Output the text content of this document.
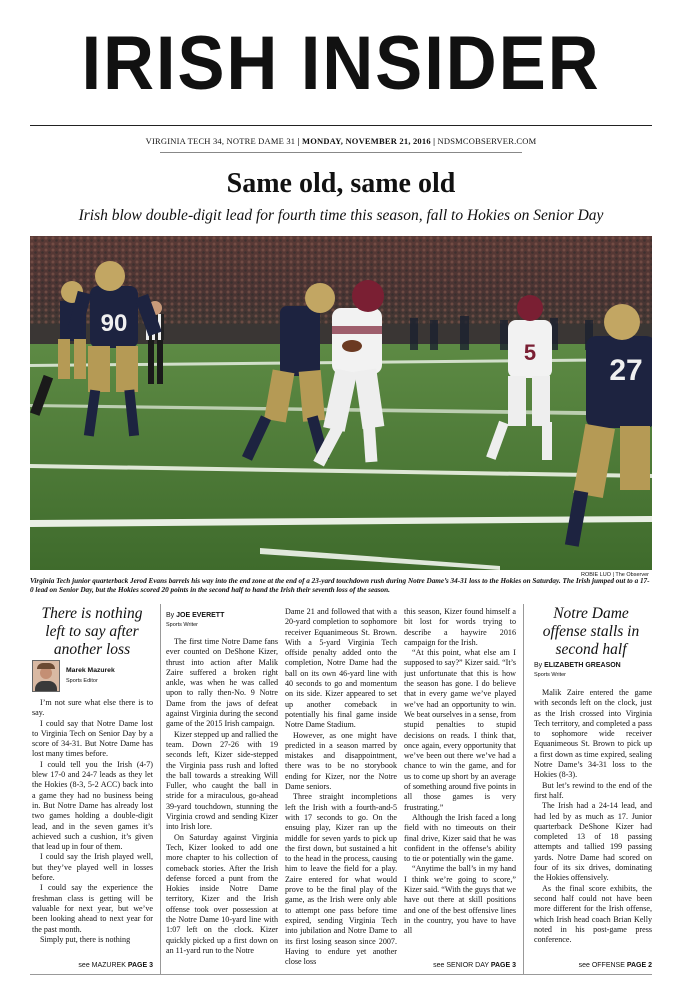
IRISH INSIDER
VIRGINIA TECH 34, NOTRE DAME 31 | MONDAY, NOVEMBER 21, 2016 | NDSMCOBSERVER.COM
Same old, same old
Irish blow double-digit lead for fourth time this season, fall to Hokies on Senior Day
90
5
27
ROBIE LUO | The Observer
Virginia Tech junior quarterback Jerod Evans barrels his way into the end zone at the end of a 23-yard touchdown rush during Notre Dame’s 34-31 loss to the Hokies on Saturday. The Irish jumped out to a 17-0 lead on Senior Day, but the Hokies scored 20 points in the second half to hand the Irish their seventh loss of the season.
There is nothing left to say after another loss
Marek Mazurek
Sports Editor

I’m not sure what else there is to say.

I could say that Notre Dame lost to Virginia Tech on Senior Day by a score of 34-31. But Notre Dame has lost many times before.

I could tell you the Irish (4-7) blew 17-0 and 24-7 leads as they let the Hokies (8-3, 5-2 ACC) back into a game they had no business being in. But Notre Dame has already lost two games holding a double-digit lead, and in the seven games it’s achieved such a cushion, it’s given that lead up in four of them.

I could say the Irish played well, but they’ve played well in losses before.

I could say the experience the freshman class is getting will be valuable for next year, but we’ve been looking ahead to next year for the past month.

Simply put, there is nothing

see MAZUREK PAGE 3
By JOE EVERETT
Sports Writer

The first time Notre Dame fans ever counted on DeShone Kizer, thrust into action after Malik Zaire suffered a broken right ankle, was when he was called upon to rally then-No. 9 Notre Dame from the jaws of defeat against Virginia during the second game of the 2015 Irish campaign.

Kizer stepped up and rallied the team. Down 27-26 with 19 seconds left, Kizer side-stepped the Virginia pass rush and lofted the ball towards a streaking Will Fuller, who caught the ball in stride for a miraculous, go-ahead 39-yard touchdown, stunning the Virginia crowd and sending Kizer into Irish lore.

On Saturday against Virginia Tech, Kizer looked to add one more chapter to his collection of comeback stories. After the Irish defense forced a punt from the Hokies inside Notre Dame territory, Kizer and the Irish offense took over possession at the Notre Dame 10-yard line with 1:07 left on the clock. Kizer quickly picked up a first down on an 11-yard run to the Notre

Dame 21 and followed that with a 20-yard completion to sophomore receiver Equanimeous St. Brown. With a 5-yard Virginia Tech offside penalty added onto the completion, Notre Dame had the ball on its own 46-yard line with 40 seconds to go and momentum on its side. Kizer appeared to set up another comeback in potentially his final game inside Notre Dame Stadium.

However, as one might have predicted in a season marred by mistakes and disappointment, there was to be no storybook ending for Kizer, nor the Notre Dame seniors.

Three straight incompletions left the Irish with a fourth-and-5 with 17 seconds to go. On the ensuing play, Kizer ran up the middle for seven yards to pick up the first down, but sustained a hit to the head in the process, causing him to leave the field for a play. Zaire entered for what would prove to be the final play of the game, as the Irish were only able to attempt one pass before time expired, sending Virginia Tech into jubilation and Notre Dame to its first losing season since 2007. Having to endure yet another close loss

this season, Kizer found himself a bit lost for words trying to describe a haywire 2016 campaign for the Irish.

“At this point, what else am I supposed to say?” Kizer said. “It’s just unfortunate that this is how the season has gone. I do believe that in every game we’ve played we’ve had an opportunity to win. We beat ourselves in a sense, from stupid penalties to stupid decisions on reads. I think that, once again, every opportunity that we’ve been out there we’ve had a chance to win the game, and for us to come up short by an average of something around five points in all those games is very frustrating.”

Although the Irish faced a long field with no timeouts on their final drive, Kizer said that he was confident in the offense’s ability to tie or potentially win the game.

“Anytime the ball’s in my hand I think we’re going to score,” Kizer said. “With the guys that we have out there at skill positions and one of the best offensive lines in the country, you have to have all

see SENIOR DAY PAGE 3
Notre Dame offense stalls in second half
By ELIZABETH GREASON
Sports Writer

Malik Zaire entered the game with seconds left on the clock, just as the Irish crossed into Virginia Tech territory, and completed a pass to sophomore wide receiver Equanimeous St. Brown to pick up a first down as time expired, sealing Notre Dame’s 34-31 loss to the Hokies (8-3).

But let’s rewind to the end of the first half.

The Irish had a 24-14 lead, and had led by as much as 17. Junior quarterback DeShone Kizer had completed 13 of 18 passing attempts and tallied 199 passing yards. Notre Dame had scored on four of its six drives, dominating the Hokies offensively.

As the final score exhibits, the second half could not have been more different for the Irish offense, which Irish head coach Brian Kelly noted in his post-game press conference.

see OFFENSE PAGE 2
